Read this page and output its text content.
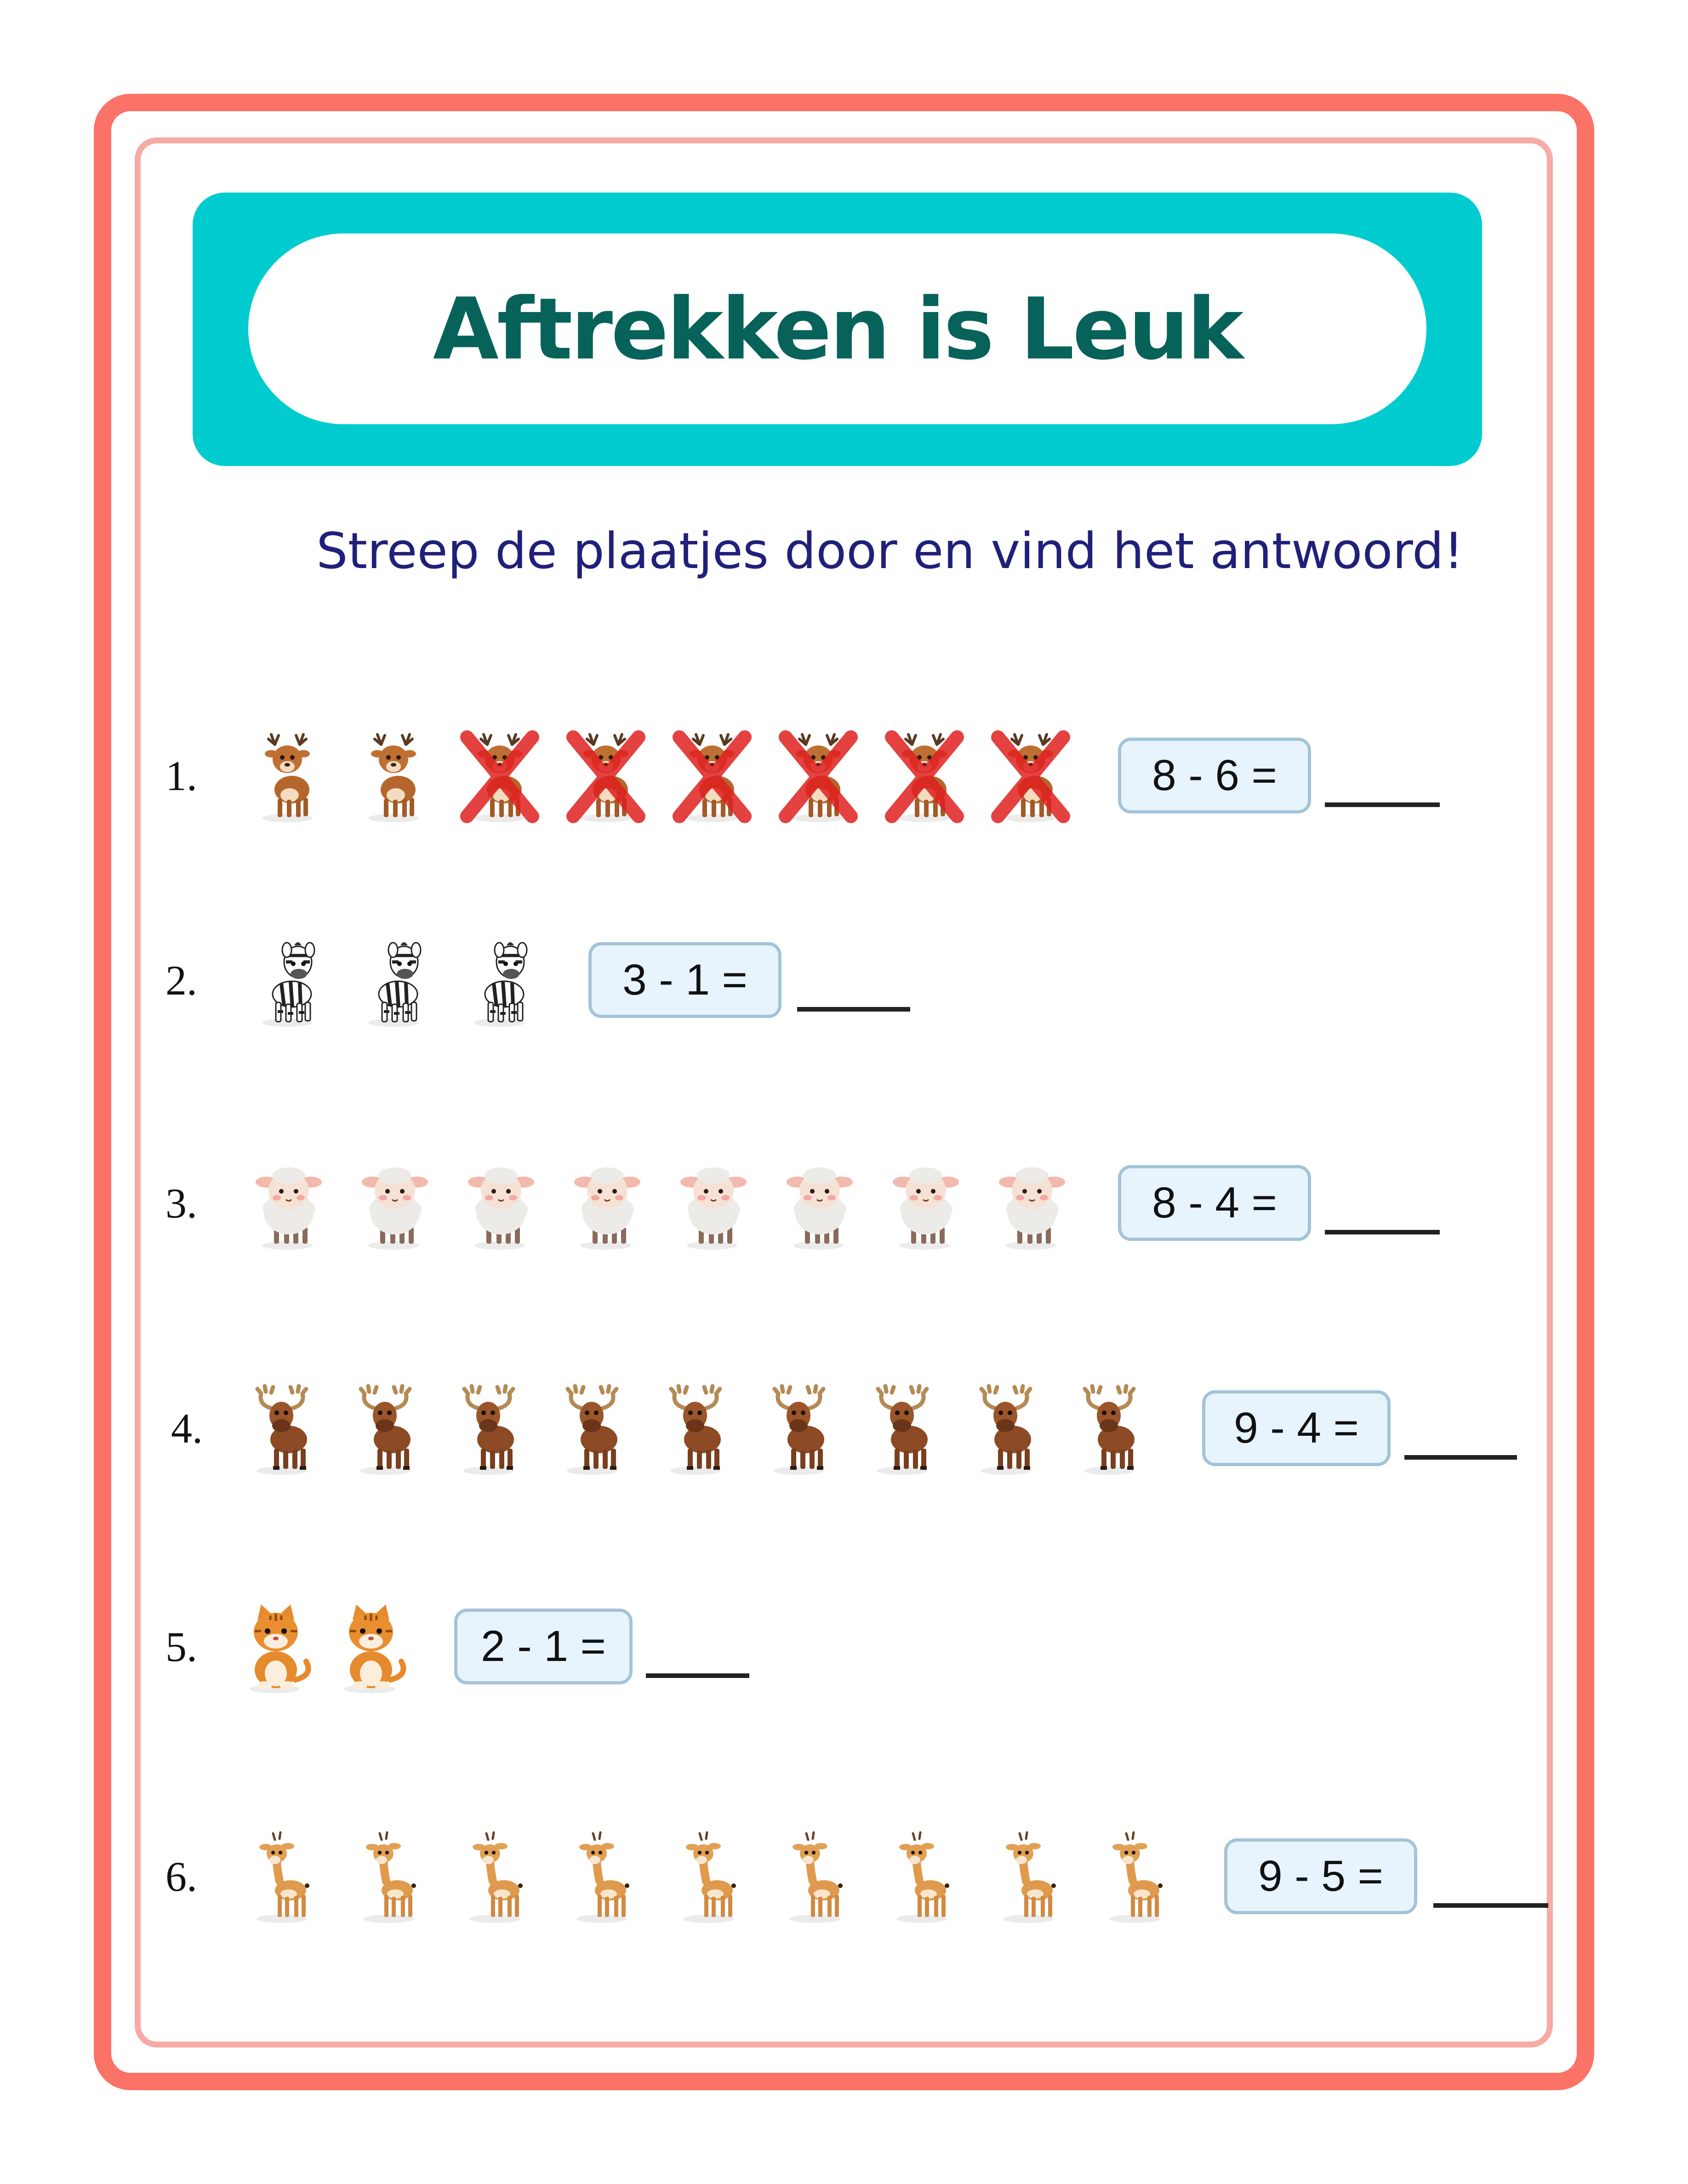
Aftrekken is Leuk
Streep de plaatjes door en vind het antwoord!
1.	8 - 6 =
2.	3 - 1 =
3.	8 - 4 =
4.	9 - 4 =
5.	2 - 1 =
6.	9 - 5 =
